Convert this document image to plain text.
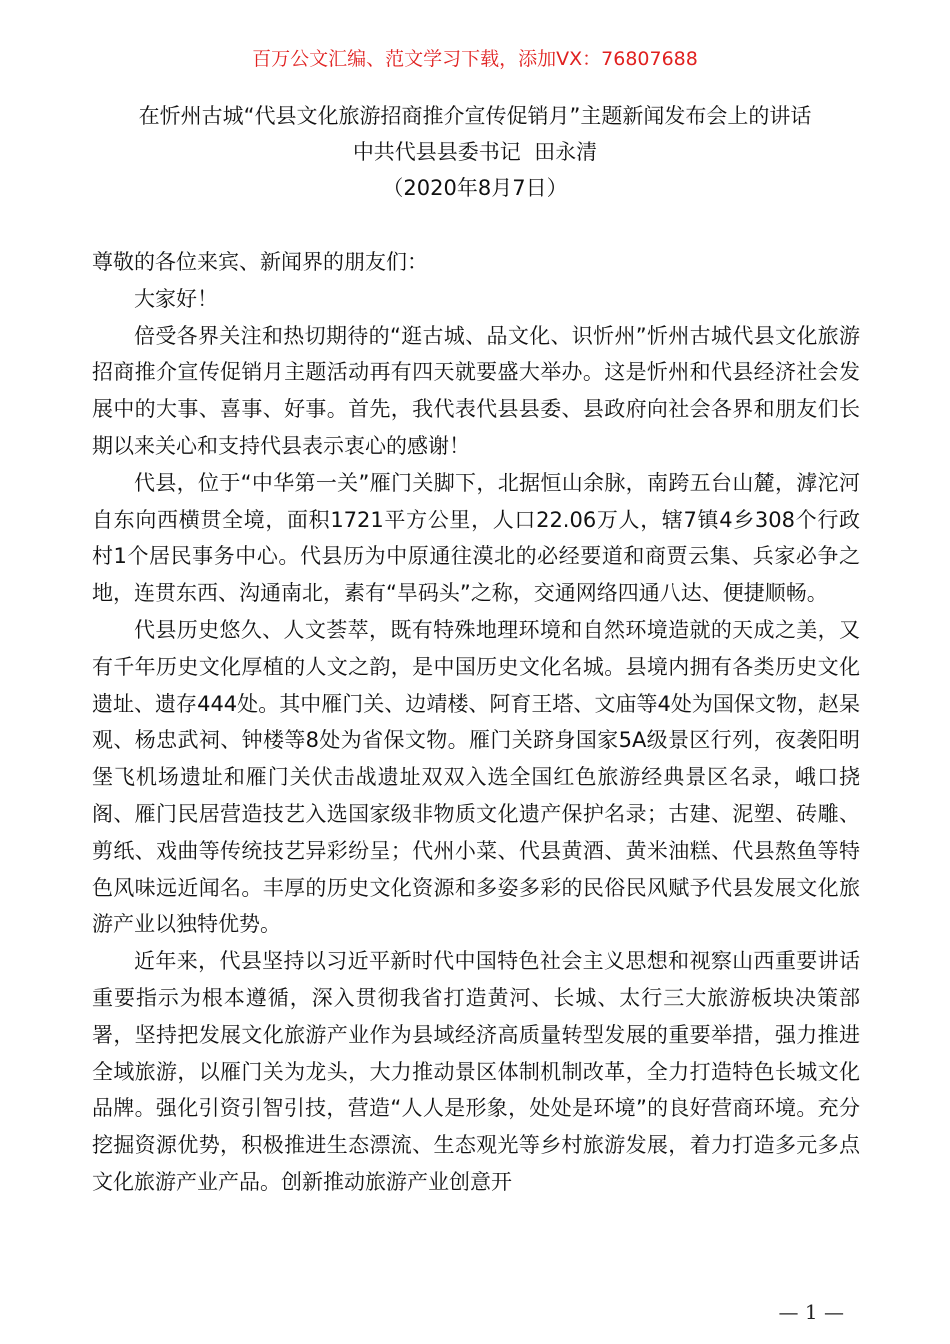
百万公文汇编、范文学习下载，添加VX：76807688
在忻州古城“代县文化旅游招商推介宣传促销月”主题新闻发布会上的讲话
中共代县县委书记  田永清
（2020年8月7日）

尊敬的各位来宾、新闻界的朋友们：

大家好！

倍受各界关注和热切期待的“逛古城、品文化、识忻州”忻州古城代县文化旅游招商推介宣传促销月主题活动再有四天就要盛大举办。这是忻州和代县经济社会发展中的大事、喜事、好事。首先，我代表代县县委、县政府向社会各界和朋友们长期以来关心和支持代县表示衷心的感谢！

代县，位于“中华第一关”雁门关脚下，北据恒山余脉，南跨五台山麓，滹沱河自东向西横贯全境，面积1721平方公里，人口22.06万人，辖7镇4乡308个行政村1个居民事务中心。代县历为中原通往漠北的必经要道和商贾云集、兵家必争之地，连贯东西、沟通南北，素有“旱码头”之称，交通网络四通八达、便捷顺畅。

代县历史悠久、人文荟萃，既有特殊地理环境和自然环境造就的天成之美，又有千年历史文化厚植的人文之韵，是中国历史文化名城。县境内拥有各类历史文化遗址、遗存444处。其中雁门关、边靖楼、阿育王塔、文庙等4处为国保文物，赵杲观、杨忠武祠、钟楼等8处为省保文物。雁门关跻身国家5A级景区行列，夜袭阳明堡飞机场遗址和雁门关伏击战遗址双双入选全国红色旅游经典景区名录，峨口挠阁、雁门民居营造技艺入选国家级非物质文化遗产保护名录；古建、泥塑、砖雕、剪纸、戏曲等传统技艺异彩纷呈；代州小菜、代县黄酒、黄米油糕、代县熬鱼等特色风味远近闻名。丰厚的历史文化资源和多姿多彩的民俗民风赋予代县发展文化旅游产业以独特优势。

近年来，代县坚持以习近平新时代中国特色社会主义思想和视察山西重要讲话重要指示为根本遵循，深入贯彻我省打造黄河、长城、太行三大旅游板块决策部署，坚持把发展文化旅游产业作为县域经济高质量转型发展的重要举措，强力推进全域旅游，以雁门关为龙头，大力推动景区体制机制改革，全力打造特色长城文化品牌。强化引资引智引技，营造“人人是形象，处处是环境”的良好营商环境。充分挖掘资源优势，积极推进生态漂流、生态观光等乡村旅游发展，着力打造多元多点文化旅游产业产品。创新推动旅游产业创意开

— 1 —
